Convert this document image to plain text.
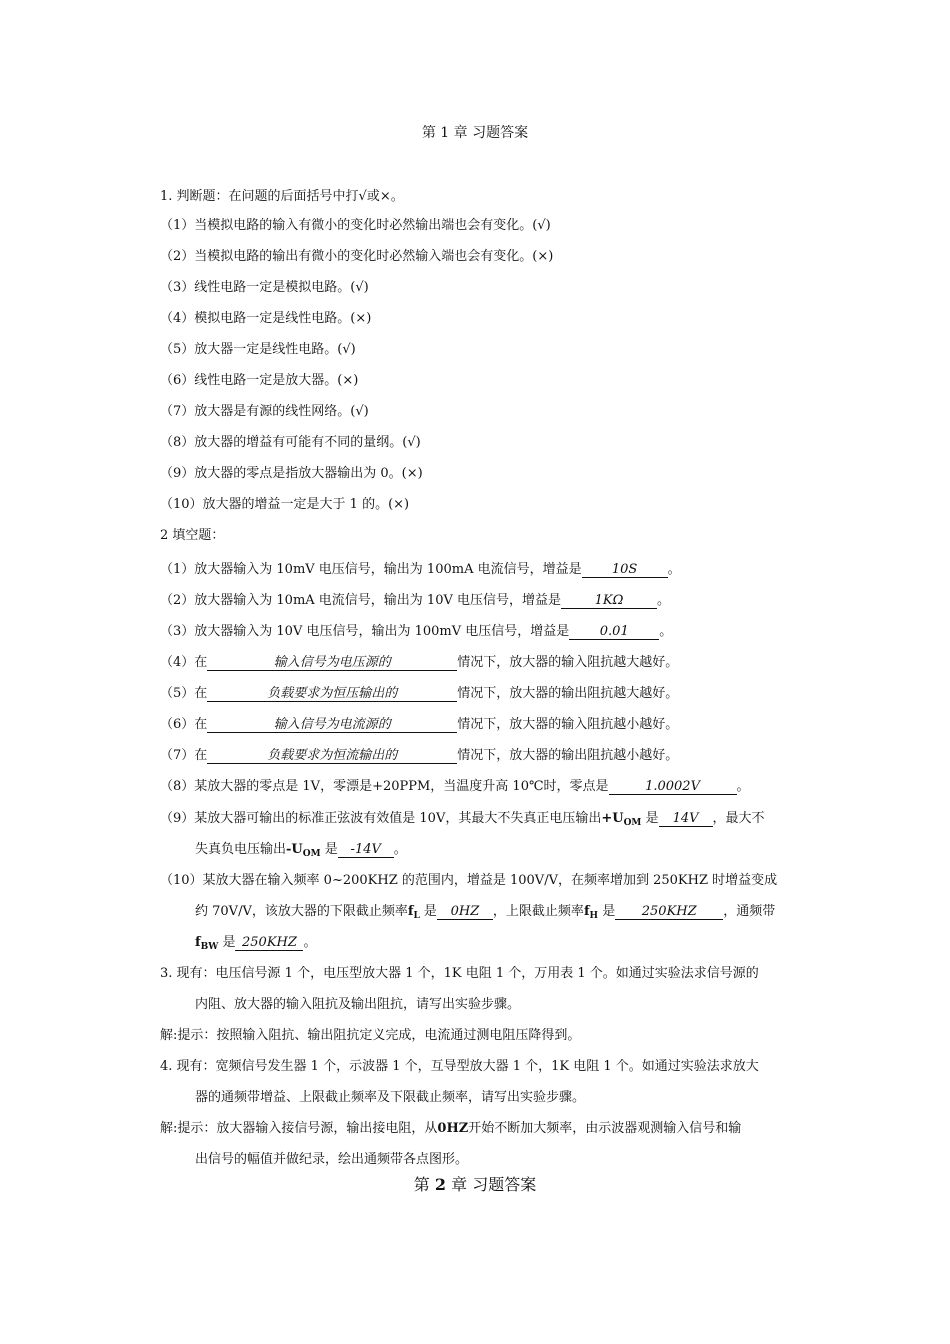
第 1 章 习题答案
1. 判断题：在问题的后面括号中打√或×。
（1）当模拟电路的输入有微小的变化时必然输出端也会有变化。(√)
（2）当模拟电路的输出有微小的变化时必然输入端也会有变化。(×)
（3）线性电路一定是模拟电路。(√)
（4）模拟电路一定是线性电路。(×)
（5）放大器一定是线性电路。(√)
（6）线性电路一定是放大器。(×)
（7）放大器是有源的线性网络。(√)
（8）放大器的增益有可能有不同的量纲。(√)
（9）放大器的零点是指放大器输出为 0。(×)
（10）放大器的增益一定是大于 1 的。(×)
2 填空题：
（1）放大器输入为 10mV 电压信号，输出为 100mA 电流信号，增益是 10S 。
（2）放大器输入为 10mA 电流信号，输出为 10V 电压信号，增益是	1KΩ	。
（3）放大器输入为 10V 电压信号，输出为 100mV 电压信号，增益是 0.01 。
（4）在	输入信号为电压源的	情况下，放大器的输入阻抗越大越好。
（5）在	负载要求为恒压输出的	情况下，放大器的输出阻抗越大越好。
（6）在	输入信号为电流源的	情况下，放大器的输入阻抗越小越好。
（7）在	负载要求为恒流输出的	情况下，放大器的输出阻抗越小越好。
（8）某放大器的零点是 1V，零漂是+20PPM，当温度升高 10℃时，零点是	1.0002V	。
（9）某放大器可输出的标准正弦波有效值是 10V，其最大不失真正电压输出$+U_{OM}$ 是 14V ，最大不
失真负电压输出$-U_{OM}$ 是 -14V 。
（10）某放大器在输入频率 0~200KHZ 的范围内，增益是 100V/V，在频率增加到 250KHZ 时增益变成
约 70V/V，该放大器的下限截止频率$f_L$ 是 0HZ ，上限截止频率$f_H$ 是 250KHZ ，通频带
$f_{BW}$ 是 250KHZ 。
3. 现有：电压信号源 1 个，电压型放大器 1 个，1K 电阻 1 个，万用表 1 个。如通过实验法求信号源的
内阻、放大器的输入阻抗及输出阻抗，请写出实验步骤。
解:提示：按照输入阻抗、输出阻抗定义完成，电流通过测电阻压降得到。
4. 现有：宽频信号发生器 1 个，示波器 1 个，互导型放大器 1 个，1K 电阻 1 个。如通过实验法求放大
器的通频带增益、上限截止频率及下限截止频率，请写出实验步骤。
解:提示：放大器输入接信号源，输出接电阻，从0HZ开始不断加大频率，由示波器观测输入信号和输
出信号的幅值并做纪录，绘出通频带各点图形。
第 2 章 习题答案
